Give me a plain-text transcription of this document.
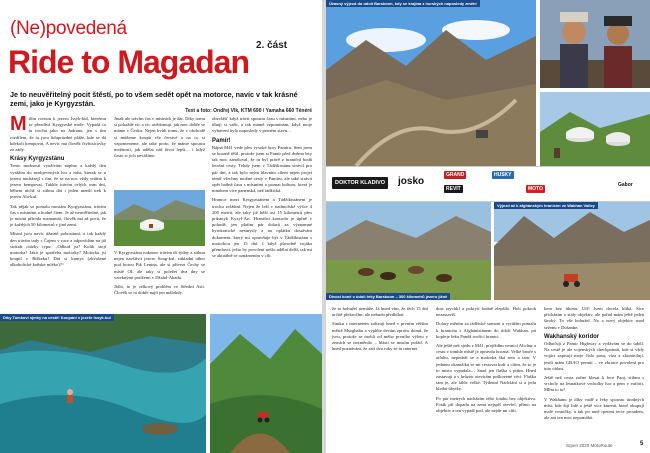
(Ne)povedená
2. část
Ride to Magadan
Je to neuvěřitelný pocit štěstí, po to všem sedět opět na motorce, navíc v tak krásné zemi, jako je Kyrgyzstán.
Text a foto: Ondřej Vlk, KTM 690 / Yamaha 660 Ténéré

Milím rovnou k jezeru Issyk-kul, kterému se přezdívá Kyrgyzské moře. Vypadá to tu trochu jako na Jadranu, jen s tím rozdílem, že tu jsou liduprázdné pláže, kde se dá kdekoli kempovat. A nevíc má člověk čtyřtisícovky za zády.

Krásy Kyrgyzstánu

Tento možnosti využívám naplno a každý den vyrážím do neobjevených hor a míst, kterak se u jezera nacházejí s tím, že se na noc vždy vrátím k jezeru kempovat. Takhle trávím celých osm dní, během nichž si stihnu dát i jeden menší trek k jezeru Ala-kul.

Tak nějak se pomalu mostám Kyrgyzstánu, trávím čas s místními a hodně čtem. Je až neuvěřitelné, jak je místní příroda rozmanitá, člověk má až pocit, že je každých 50 kilometrů v jiné zemi.

Místní jsou navíc úžasně pohostinní, a tak každý den trávím tady s Čajem v ruce a odpovídám na již stokrát otázky typu: „Odkud jsi? Kolik stojí motorka? Jaká je spotřeba motorky? Motorku jsi koupil v Biškeku? Dát si kumys (zkvašené alkoholické koňské mléko)?“

Jinak ale trávím čas v místních je dar. Díky tomu si pokaždé víc a víc uvědomuji, jak moc dobře se máme v Česku. Nejen kvůli tomu, že v obchodě si můžeme koupit vše čerstvé a na co si vzpomeneme, ale také proto, že máme spoustu možností, jak udělat náš život lepší… i když často si jich nevážíme.

V Kyrgyzstánu nakonec trávím tři týdny a stihnu nejen navštívit jezero Song-kul, základní tábor pod horou Pik Lenina, ale si přivezt Čechy se místě OL ale taky si poležet dva dny se vzteknými potížemi v Džalal-Abadu.

Jídlo, to je celkový problém ve Střední Asii. Člověk se tu dobře najít jen málokdy.

obzvlášť když trávit spoustu času s místními, nebo je tíhnji si vařit, a tak mámě vzpomínám, když moje vybavení bylo naposledy v perném stavu…

Pamír!

Bájná M41 vede přes vysoké hory Pamíru. Sem jsem se hrozně těšil, protože jsem si Pamír před dvěma lety tak moc zamiloval, že tu byl právě z hraniční bodů letošní cesty. Tehdy jsem v Tádžikistánu strávil pro pár dní, a tak bylo mým hlavním cílem nejen projet témiř všechny možné cesty v Pamíru, ale také strávit opět hodně času s místními a poznat kulturu, která je mnohem více panenská, než tádžická.

Hranice mezi Kyrgyzstánem a Tádžikistánem je trochu zvláštní. Nejen že leží v nadmořské výšce 4 200 metrů, ale taky již běží asi 15 kilometrů přes průsmyk Kyzyl-Art. Hraniční kontrola je úplně v pohodě, jen platím pár dolarů za významné byrokratické nesmysly a na oplátku dostávám dokument, který mi opravňuje být v Tádžikistánu s motorkou jen 15 dní. I když původně vojáka přemluvit, ježto by povolení nešlo udělat delší, tak mi se aktuálně se oznámením v cíli.

Díky Tomkovi sjetky na cestě! Koupání v jezeře Issyk-kul
Úžasný výjezd do údolí Barskoon, kdy se krajina z horských naposledy změní
Divocí koně v údolí řeky Barskoon – 300 kilometrů jezero jižně
Výjezd až k afghánským hranicím ve Wakhan Valley

že to bohužel nemůže. Já hned vím, že těch 15 dní určitě překročím, ale nebudu předbíhat.

Simku s internetem zařizuji hned v prvním větším městě Murghabu a vyplňte devám zprávu domů, že jsou, protože se mohli od mého prvního výletu v zemích se nezměnilo – hlásit se musím pořád. A hned poznávám, že zatí dva roky se tu internet

dost zrychlil a pokrytí hodně zlepšilo. Holt pokrok nezastavíš.

Dolary měním za tádžické somoni a vyrážím pomalu k hranicím s Afghánistánem do údolí Wakhan, pú kopřeje řeku Pandž tvořící hranici.

Ale ještě než sjedu z M41, projíždím vesnicí Alichur a cestu v tomhle místě je opravdu hrozná. Velké bouře s atfaltu, nepodaří se a motorka šká sem a tam. V jednom okamžiku se mi cestovat kufr a cítím, že to je to místo vypadala… Snad jen flaška s pitím. Hned zastavuji a s hrůzou otevírám poškozené věci. Flaška tam je, ale láhle velké. Týdenní Nadvlání si a jedu hledat úbytky.

Po pár metrech nacházím tého fotaku bez objektivu. Foták při dopadu na zemi nejspíš otevřel, přímo na objektiv a ten vypadl pod, ale nejde mi cítit.

kem bez úhonu. Uff! Jsem docela kliká. Sice přicházím o stály objektiv, ale pořád mám ještě jeden široký. To vše bohužel. No a nový objektiv snad seženu v Dušanbe.

Wakhanský koridor

Odbočuji z Pamir Highway a vydávám se do údolí. Na cestě je ale vojenských checkpointů, kde si vždy vojáci zapisují moje číslo pasu, víza a zkontrolují, jestli mám GBAO permit – ve zkratce povolení pro tuto oblast.

Ještě než cesta začne klesat k řece Panj, stihnu s vrcholy na lesnatkové vrcholky hor a pem v eufórii. Mlhu to tu!

V Wakhanu je díky vodě z řeky spoustu úrodných míst, kde žijí lidé a ještě více kmenů, které okupují malé vesničky, a tak po mně rpetent tecte proudem, ale ani ten moc nepomáhá.

Srpen 2020 MotoRoute	5
DOKTOR KLADIVO	josko
GRAND
REVIT
HUSKY
MOTO
Gabor
